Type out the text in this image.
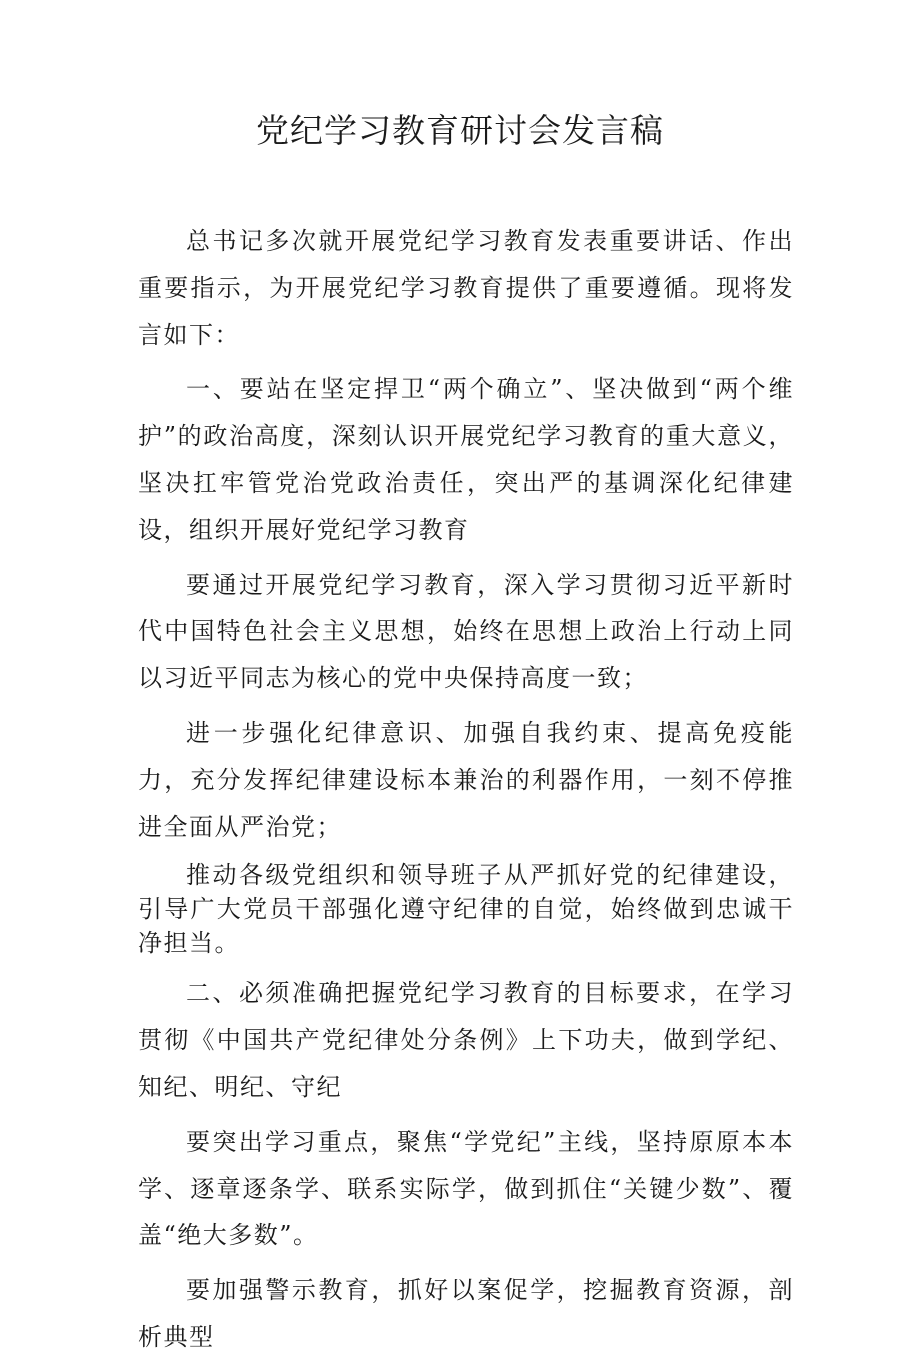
党纪学习教育研讨会发言稿

总书记多次就开展党纪学习教育发表重要讲话、作出重要指示，为开展党纪学习教育提供了重要遵循。现将发言如下：

一、要站在坚定捍卫“两个确立”、坚决做到“两个维护”的政治高度，深刻认识开展党纪学习教育的重大意义，坚决扛牢管党治党政治责任，突出严的基调深化纪律建设，组织开展好党纪学习教育

要通过开展党纪学习教育，深入学习贯彻习近平新时代中国特色社会主义思想，始终在思想上政治上行动上同以习近平同志为核心的党中央保持高度一致；

进一步强化纪律意识、加强自我约束、提高免疫能力，充分发挥纪律建设标本兼治的利器作用，一刻不停推进全面从严治党；

推动各级党组织和领导班子从严抓好党的纪律建设，引导广大党员干部强化遵守纪律的自觉，始终做到忠诚干净担当。

二、必须准确把握党纪学习教育的目标要求，在学习贯彻《中国共产党纪律处分条例》上下功夫，做到学纪、知纪、明纪、守纪

要突出学习重点，聚焦“学党纪”主线，坚持原原本本学、逐章逐条学、联系实际学，做到抓住“关键少数”、覆盖“绝大多数”。

要加强警示教育，抓好以案促学，挖掘教育资源，剖析典型
